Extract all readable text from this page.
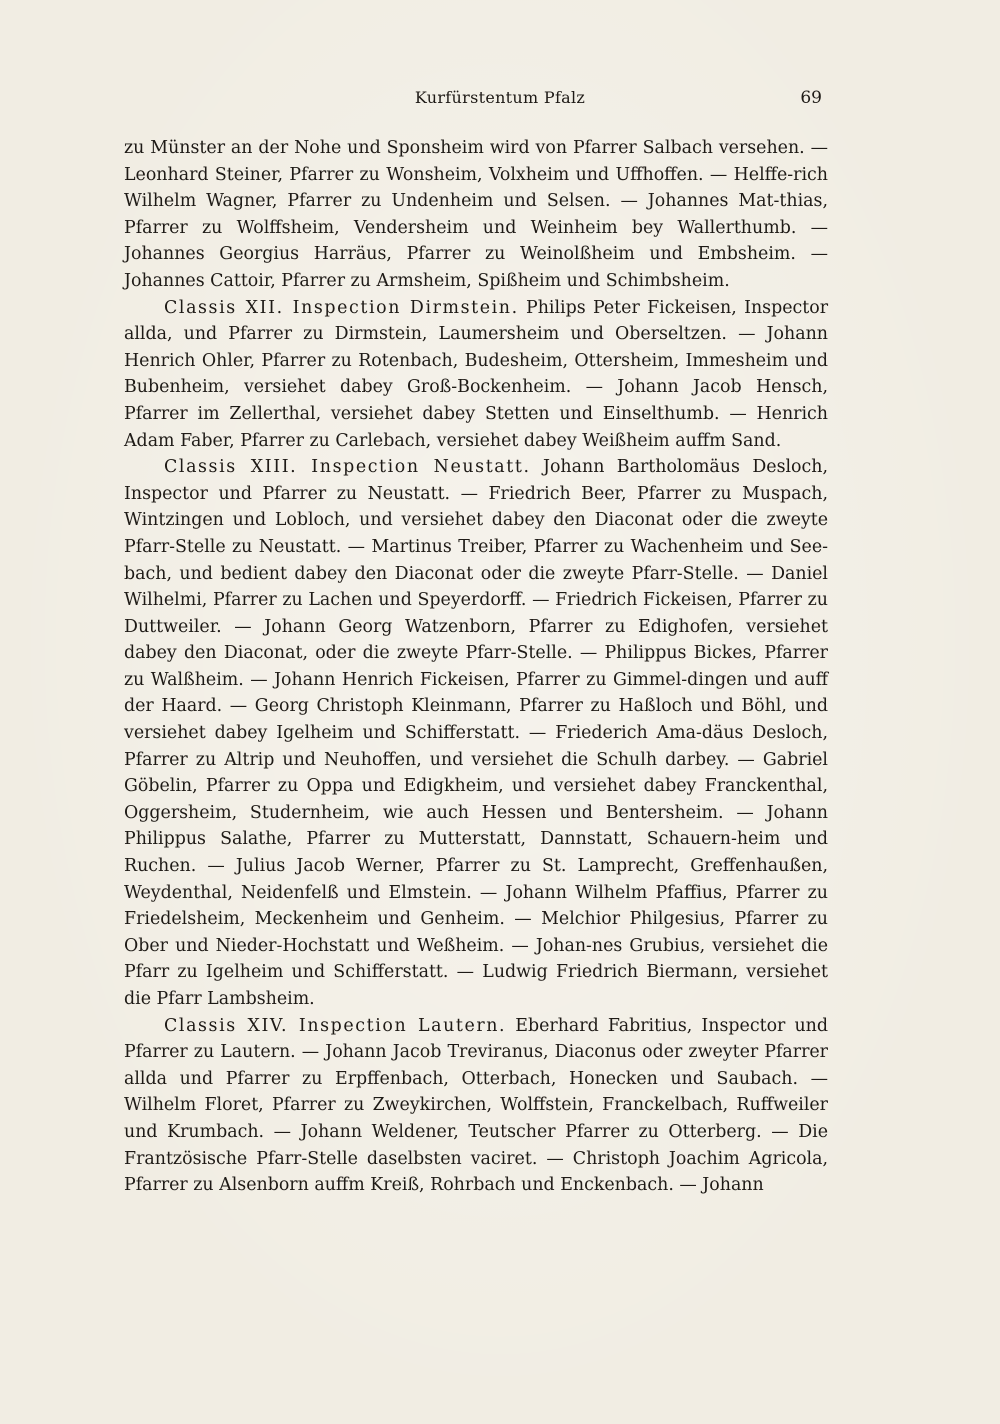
Kurfürstentum Pfalz	69

zu Münster an der Nohe und Sponsheim wird von Pfarrer Salbach versehen. — Leonhard Steiner, Pfarrer zu Wonsheim, Volxheim und Uffhoffen. — Helffe-rich Wilhelm Wagner, Pfarrer zu Undenheim und Selsen. — Johannes Mat-thias, Pfarrer zu Wolffsheim, Vendersheim und Weinheim bey Wallerthumb. — Johannes Georgius Harräus, Pfarrer zu Weinolßheim und Embsheim. — Johannes Cattoir, Pfarrer zu Armsheim, Spißheim und Schimbsheim.

Classis XII. Inspection Dirmstein. Philips Peter Fickeisen, Inspector allda, und Pfarrer zu Dirmstein, Laumersheim und Oberseltzen. — Johann Henrich Ohler, Pfarrer zu Rotenbach, Budesheim, Ottersheim, Immesheim und Bubenheim, versiehet dabey Groß-Bockenheim. — Johann Jacob Hensch, Pfarrer im Zellerthal, versiehet dabey Stetten und Einselthumb. — Henrich Adam Faber, Pfarrer zu Carlebach, versiehet dabey Weißheim auffm Sand.

Classis XIII. Inspection Neustatt. Johann Bartholomäus Desloch, Inspector und Pfarrer zu Neustatt. — Friedrich Beer, Pfarrer zu Muspach, Wintzingen und Lobloch, und versiehet dabey den Diaconat oder die zweyte Pfarr-Stelle zu Neustatt. — Martinus Treiber, Pfarrer zu Wachenheim und See-bach, und bedient dabey den Diaconat oder die zweyte Pfarr-Stelle. — Daniel Wilhelmi, Pfarrer zu Lachen und Speyerdorff. — Friedrich Fickeisen, Pfarrer zu Duttweiler. — Johann Georg Watzenborn, Pfarrer zu Edighofen, versiehet dabey den Diaconat, oder die zweyte Pfarr-Stelle. — Philippus Bickes, Pfarrer zu Walßheim. — Johann Henrich Fickeisen, Pfarrer zu Gimmel-dingen und auff der Haard. — Georg Christoph Kleinmann, Pfarrer zu Haßloch und Böhl, und versiehet dabey Igelheim und Schifferstatt. — Friederich Ama-däus Desloch, Pfarrer zu Altrip und Neuhoffen, und versiehet die Schulh darbey. — Gabriel Göbelin, Pfarrer zu Oppa und Edigkheim, und versiehet dabey Franckenthal, Oggersheim, Studernheim, wie auch Hessen und Bentersheim. — Johann Philippus Salathe, Pfarrer zu Mutterstatt, Dannstatt, Schauern-heim und Ruchen. — Julius Jacob Werner, Pfarrer zu St. Lamprecht, Greffenhaußen, Weydenthal, Neidenfelß und Elmstein. — Johann Wilhelm Pfaffius, Pfarrer zu Friedelsheim, Meckenheim und Genheim. — Melchior Philgesius, Pfarrer zu Ober und Nieder-Hochstatt und Weßheim. — Johan-nes Grubius, versiehet die Pfarr zu Igelheim und Schifferstatt. — Ludwig Friedrich Biermann, versiehet die Pfarr Lambsheim.

Classis XIV. Inspection Lautern. Eberhard Fabritius, Inspector und Pfarrer zu Lautern. — Johann Jacob Treviranus, Diaconus oder zweyter Pfarrer allda und Pfarrer zu Erpffenbach, Otterbach, Honecken und Saubach. — Wilhelm Floret, Pfarrer zu Zweykirchen, Wolffstein, Franckelbach, Ruffweiler und Krumbach. — Johann Weldener, Teutscher Pfarrer zu Otterberg. — Die Frantzösische Pfarr-Stelle daselbsten vaciret. — Christoph Joachim Agricola, Pfarrer zu Alsenborn auffm Kreiß, Rohrbach und Enckenbach. — Johann
